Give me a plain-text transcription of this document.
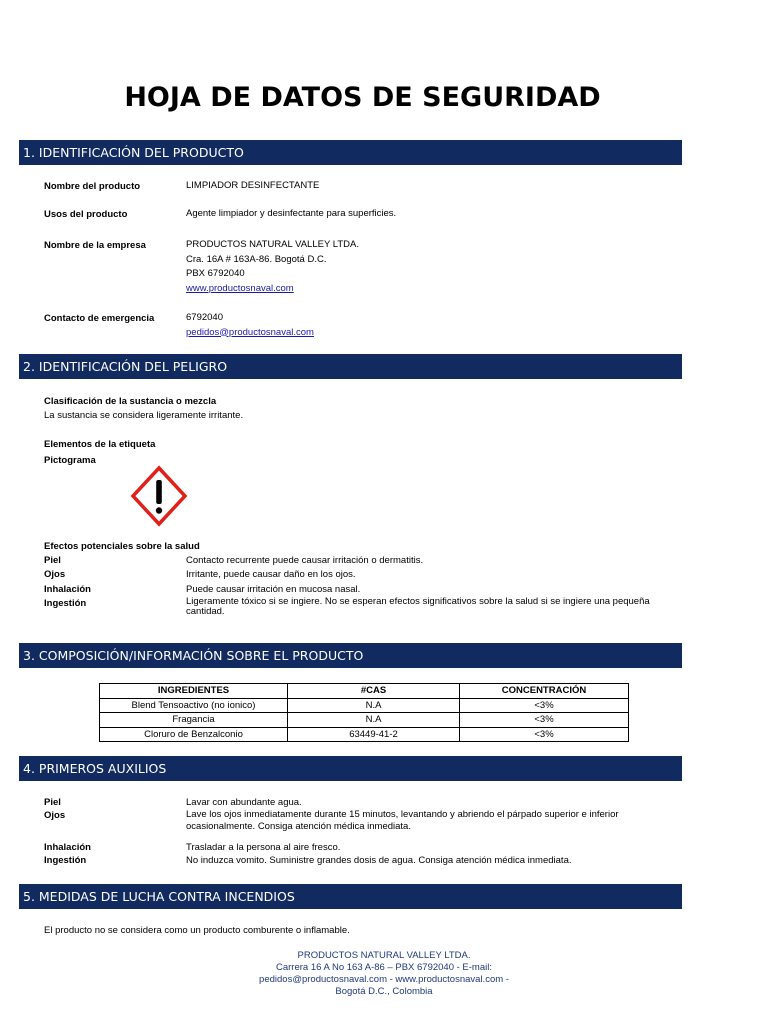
HOJA DE DATOS DE SEGURIDAD
1. IDENTIFICACIÓN DEL PRODUCTO
Nombre del producto	LIMPIADOR DESINFECTANTE
Usos del producto	Agente limpiador y desinfectante para superficies.
Nombre de la empresa	PRODUCTOS NATURAL VALLEY LTDA.
Cra. 16A # 163A-86. Bogotá D.C.
PBX 6792040
www.productosnaval.com
Contacto de emergencia	6792040
pedidos@productosnaval.com
2. IDENTIFICACIÓN DEL PELIGRO
Clasificación de la sustancia o mezcla
La sustancia se considera ligeramente irritante.
Elementos de la etiqueta
Pictograma
Efectos potenciales sobre la salud
Piel	Contacto recurrente puede causar irritación o dermatitis.
Ojos	Irritante, puede causar daño en los ojos.
Inhalación	Puede causar irritación en mucosa nasal.
Ingestión	Ligeramente tóxico si se ingiere. No se esperan efectos significativos sobre la salud si se ingiere una pequeña cantidad.
3. COMPOSICIÓN/INFORMACIÓN SOBRE EL PRODUCTO
INGREDIENTES	#CAS	CONCENTRACIÓN
Blend Tensoactivo (no ionico)	N.A	<3%
Fragancia	N.A	<3%
Cloruro de Benzalconio	63449-41-2	<3%
4. PRIMEROS AUXILIOS
Piel	Lavar con abundante agua.
Ojos	Lave los ojos inmediatamente durante 15 minutos, levantando y abriendo el párpado superior e inferior ocasionalmente. Consiga atención médica inmediata.
Inhalación	Trasladar a la persona al aire fresco.
Ingestión	No induzca vomito. Suministre grandes dosis de agua. Consiga atención médica inmediata.
5. MEDIDAS DE LUCHA CONTRA INCENDIOS
El producto no se considera como un producto comburente o inflamable.
PRODUCTOS NATURAL VALLEY LTDA.
Carrera 16 A No 163 A-86 – PBX 6792040 - E-mail:
pedidos@productosnaval.com - www.productosnaval.com -
Bogotá D.C., Colombia
